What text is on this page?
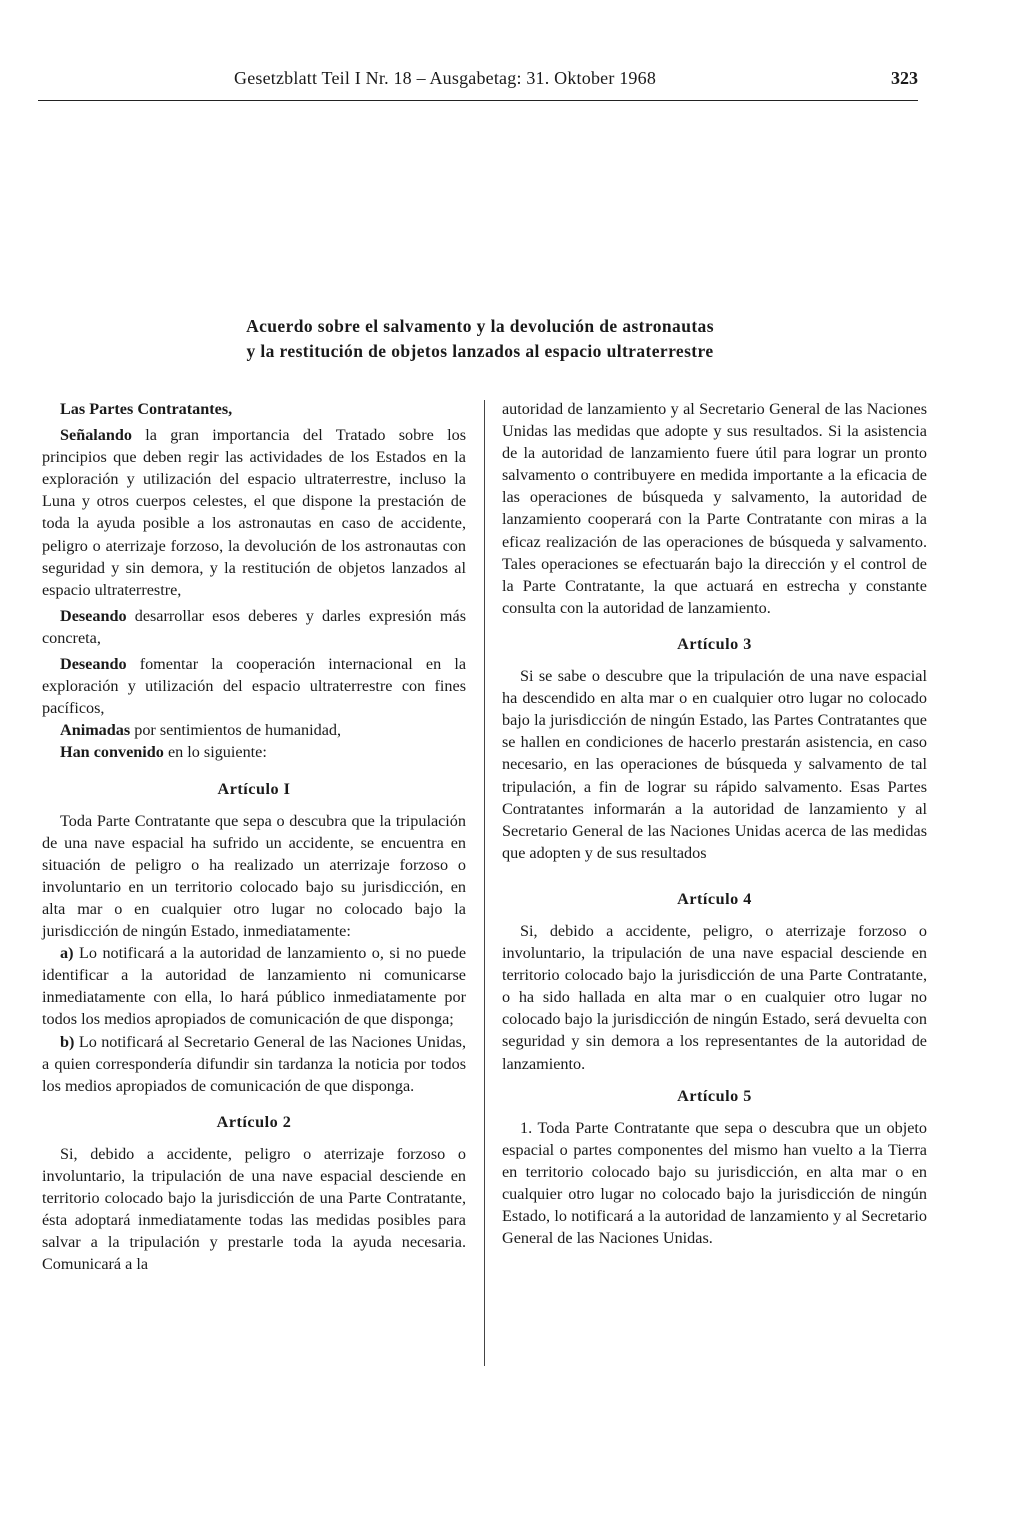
Gesetzblatt Teil I Nr. 18 – Ausgabetag: 31. Oktober 1968	323
Acuerdo sobre el salvamento y la devolución de astronautas
y la restitución de objetos lanzados al espacio ultraterrestre

Las Partes Contratantes,

Señalando la gran importancia del Tratado sobre los principios que deben regir las actividades de los Estados en la exploración y utilización del espacio ultraterrestre, incluso la Luna y otros cuerpos celestes, el que dispone la prestación de toda la ayuda posible a los astronautas en caso de accidente, peligro o aterrizaje forzoso, la devolución de los astronautas con seguridad y sin demora, y la restitución de objetos lanzados al espacio ultraterrestre,

Deseando desarrollar esos deberes y darles expresión más concreta,

Deseando fomentar la cooperación internacional en la exploración y utilización del espacio ultraterrestre con fines pacíficos,

Animadas por sentimientos de humanidad,

Han convenido en lo siguiente:

Artículo I

Toda Parte Contratante que sepa o descubra que la tripulación de una nave espacial ha sufrido un accidente, se encuentra en situación de peligro o ha realizado un aterrizaje forzoso o involuntario en un territorio colocado bajo su jurisdicción, en alta mar o en cualquier otro lugar no colocado bajo la jurisdicción de ningún Estado, inmediatamente:

a) Lo notificará a la autoridad de lanzamiento o, si no puede identificar a la autoridad de lanzamiento ni comunicarse inmediatamente con ella, lo hará público inmediatamente por todos los medios apropiados de comunicación de que disponga;

b) Lo notificará al Secretario General de las Naciones Unidas, a quien correspondería difundir sin tardanza la noticia por todos los medios apropiados de comunicación de que disponga.

Artículo 2

Si, debido a accidente, peligro o aterrizaje forzoso o involuntario, la tripulación de una nave espacial desciende en territorio colocado bajo la jurisdicción de una Parte Contratante, ésta adoptará inmediatamente todas las medidas posibles para salvar a la tripulación y prestarle toda la ayuda necesaria. Comunicará a la

autoridad de lanzamiento y al Secretario General de las Naciones Unidas las medidas que adopte y sus resultados. Si la asistencia de la autoridad de lanzamiento fuere útil para lograr un pronto salvamento o contribuyere en medida importante a la eficacia de las operaciones de búsqueda y salvamento, la autoridad de lanzamiento cooperará con la Parte Contratante con miras a la eficaz realización de las operaciones de búsqueda y salvamento. Tales operaciones se efectuarán bajo la dirección y el control de la Parte Contratante, la que actuará en estrecha y constante consulta con la autoridad de lanzamiento.

Artículo 3

Si se sabe o descubre que la tripulación de una nave espacial ha descendido en alta mar o en cualquier otro lugar no colocado bajo la jurisdicción de ningún Estado, las Partes Contratantes que se hallen en condiciones de hacerlo prestarán asistencia, en caso necesario, en las operaciones de búsqueda y salvamento de tal tripulación, a fin de lograr su rápido salvamento. Esas Partes Contratantes informarán a la autoridad de lanzamiento y al Secretario General de las Naciones Unidas acerca de las medidas que adopten y de sus resultados

Artículo 4

Si, debido a accidente, peligro, o aterrizaje forzoso o involuntario, la tripulación de una nave espacial desciende en territorio colocado bajo la jurisdicción de una Parte Contratante, o ha sido hallada en alta mar o en cualquier otro lugar no colocado bajo la jurisdicción de ningún Estado, será devuelta con seguridad y sin demora a los representantes de la autoridad de lanzamiento.

Artículo 5

1. Toda Parte Contratante que sepa o descubra que un objeto espacial o partes componentes del mismo han vuelto a la Tierra en territorio colocado bajo su jurisdicción, en alta mar o en cualquier otro lugar no colocado bajo la jurisdicción de ningún Estado, lo notificará a la autoridad de lanzamiento y al Secretario General de las Naciones Unidas.
